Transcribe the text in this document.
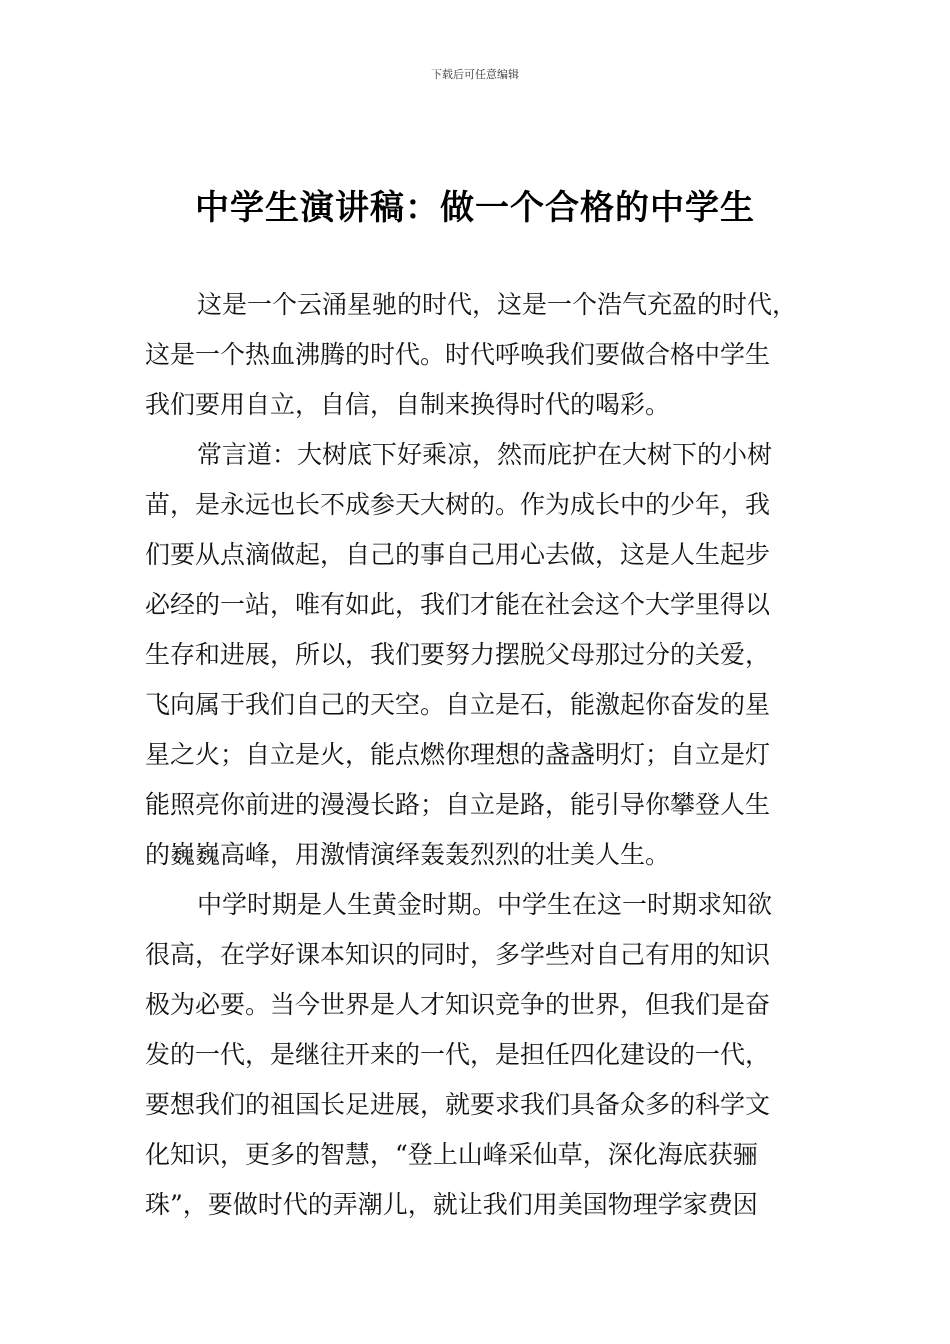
下载后可任意编辑
中学生演讲稿：做一个合格的中学生
这是一个云涌星驰的时代，这是一个浩气充盈的时代，
这是一个热血沸腾的时代。时代呼唤我们要做合格中学生
我们要用自立，自信，自制来换得时代的喝彩。
常言道：大树底下好乘凉，然而庇护在大树下的小树
苗，是永远也长不成参天大树的。作为成长中的少年，我
们要从点滴做起，自己的事自己用心去做，这是人生起步
必经的一站，唯有如此，我们才能在社会这个大学里得以
生存和进展，所以，我们要努力摆脱父母那过分的关爱，
飞向属于我们自己的天空。自立是石，能激起你奋发的星
星之火；自立是火，能点燃你理想的盏盏明灯；自立是灯
能照亮你前进的漫漫长路；自立是路，能引导你攀登人生
的巍巍高峰，用激情演绎轰轰烈烈的壮美人生。
中学时期是人生黄金时期。中学生在这一时期求知欲
很高，在学好课本知识的同时，多学些对自己有用的知识
极为必要。当今世界是人才知识竞争的世界，但我们是奋
发的一代，是继往开来的一代，是担任四化建设的一代，
要想我们的祖国长足进展，就要求我们具备众多的科学文
化知识，更多的智慧，“登上山峰采仙草，深化海底获骊
珠”，要做时代的弄潮儿，就让我们用美国物理学家费因
